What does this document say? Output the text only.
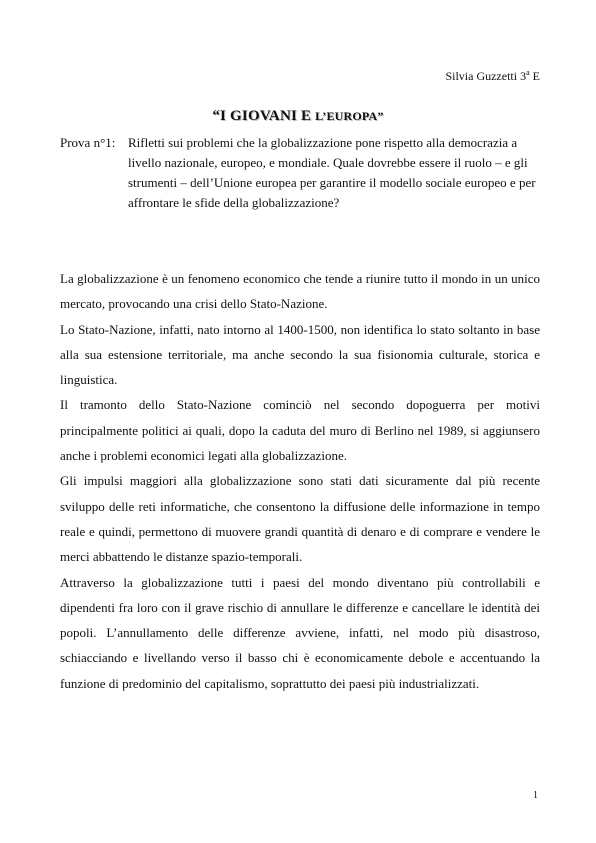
Silvia Guzzetti 3$^a$ E
“I GIOVANI E L’EUROPA”
Prova n°1: Rifletti sui problemi che la globalizzazione pone rispetto alla democrazia a livello nazionale, europeo, e mondiale. Quale dovrebbe essere il ruolo – e gli strumenti – dell’Unione europea per garantire il modello sociale europeo e per affrontare le sfide della globalizzazione?

La globalizzazione è un fenomeno economico che tende a riunire tutto il mondo in un unico mercato, provocando una crisi dello Stato-Nazione.

Lo Stato-Nazione, infatti, nato intorno al 1400-1500, non identifica lo stato soltanto in base alla sua estensione territoriale, ma anche secondo la sua fisionomia culturale, storica e linguistica.

Il tramonto dello Stato-Nazione cominciò nel secondo dopoguerra per motivi principalmente politici ai quali, dopo la caduta del muro di Berlino nel 1989, si aggiunsero anche i problemi economici legati alla globalizzazione.

Gli impulsi maggiori alla globalizzazione sono stati dati sicuramente dal più recente sviluppo delle reti informatiche, che consentono la diffusione delle informazione in tempo reale e quindi, permettono di muovere grandi quantità di denaro e di comprare e vendere le merci abbattendo le distanze spazio-temporali.

Attraverso la globalizzazione tutti i paesi del mondo diventano più controllabili e dipendenti fra loro con il grave rischio di annullare le differenze e cancellare le identità dei popoli. L’annullamento delle differenze avviene, infatti, nel modo più disastroso, schiacciando e livellando verso il basso chi è economicamente debole e accentuando la funzione di predominio del capitalismo, soprattutto dei paesi più industrializzati.

1
